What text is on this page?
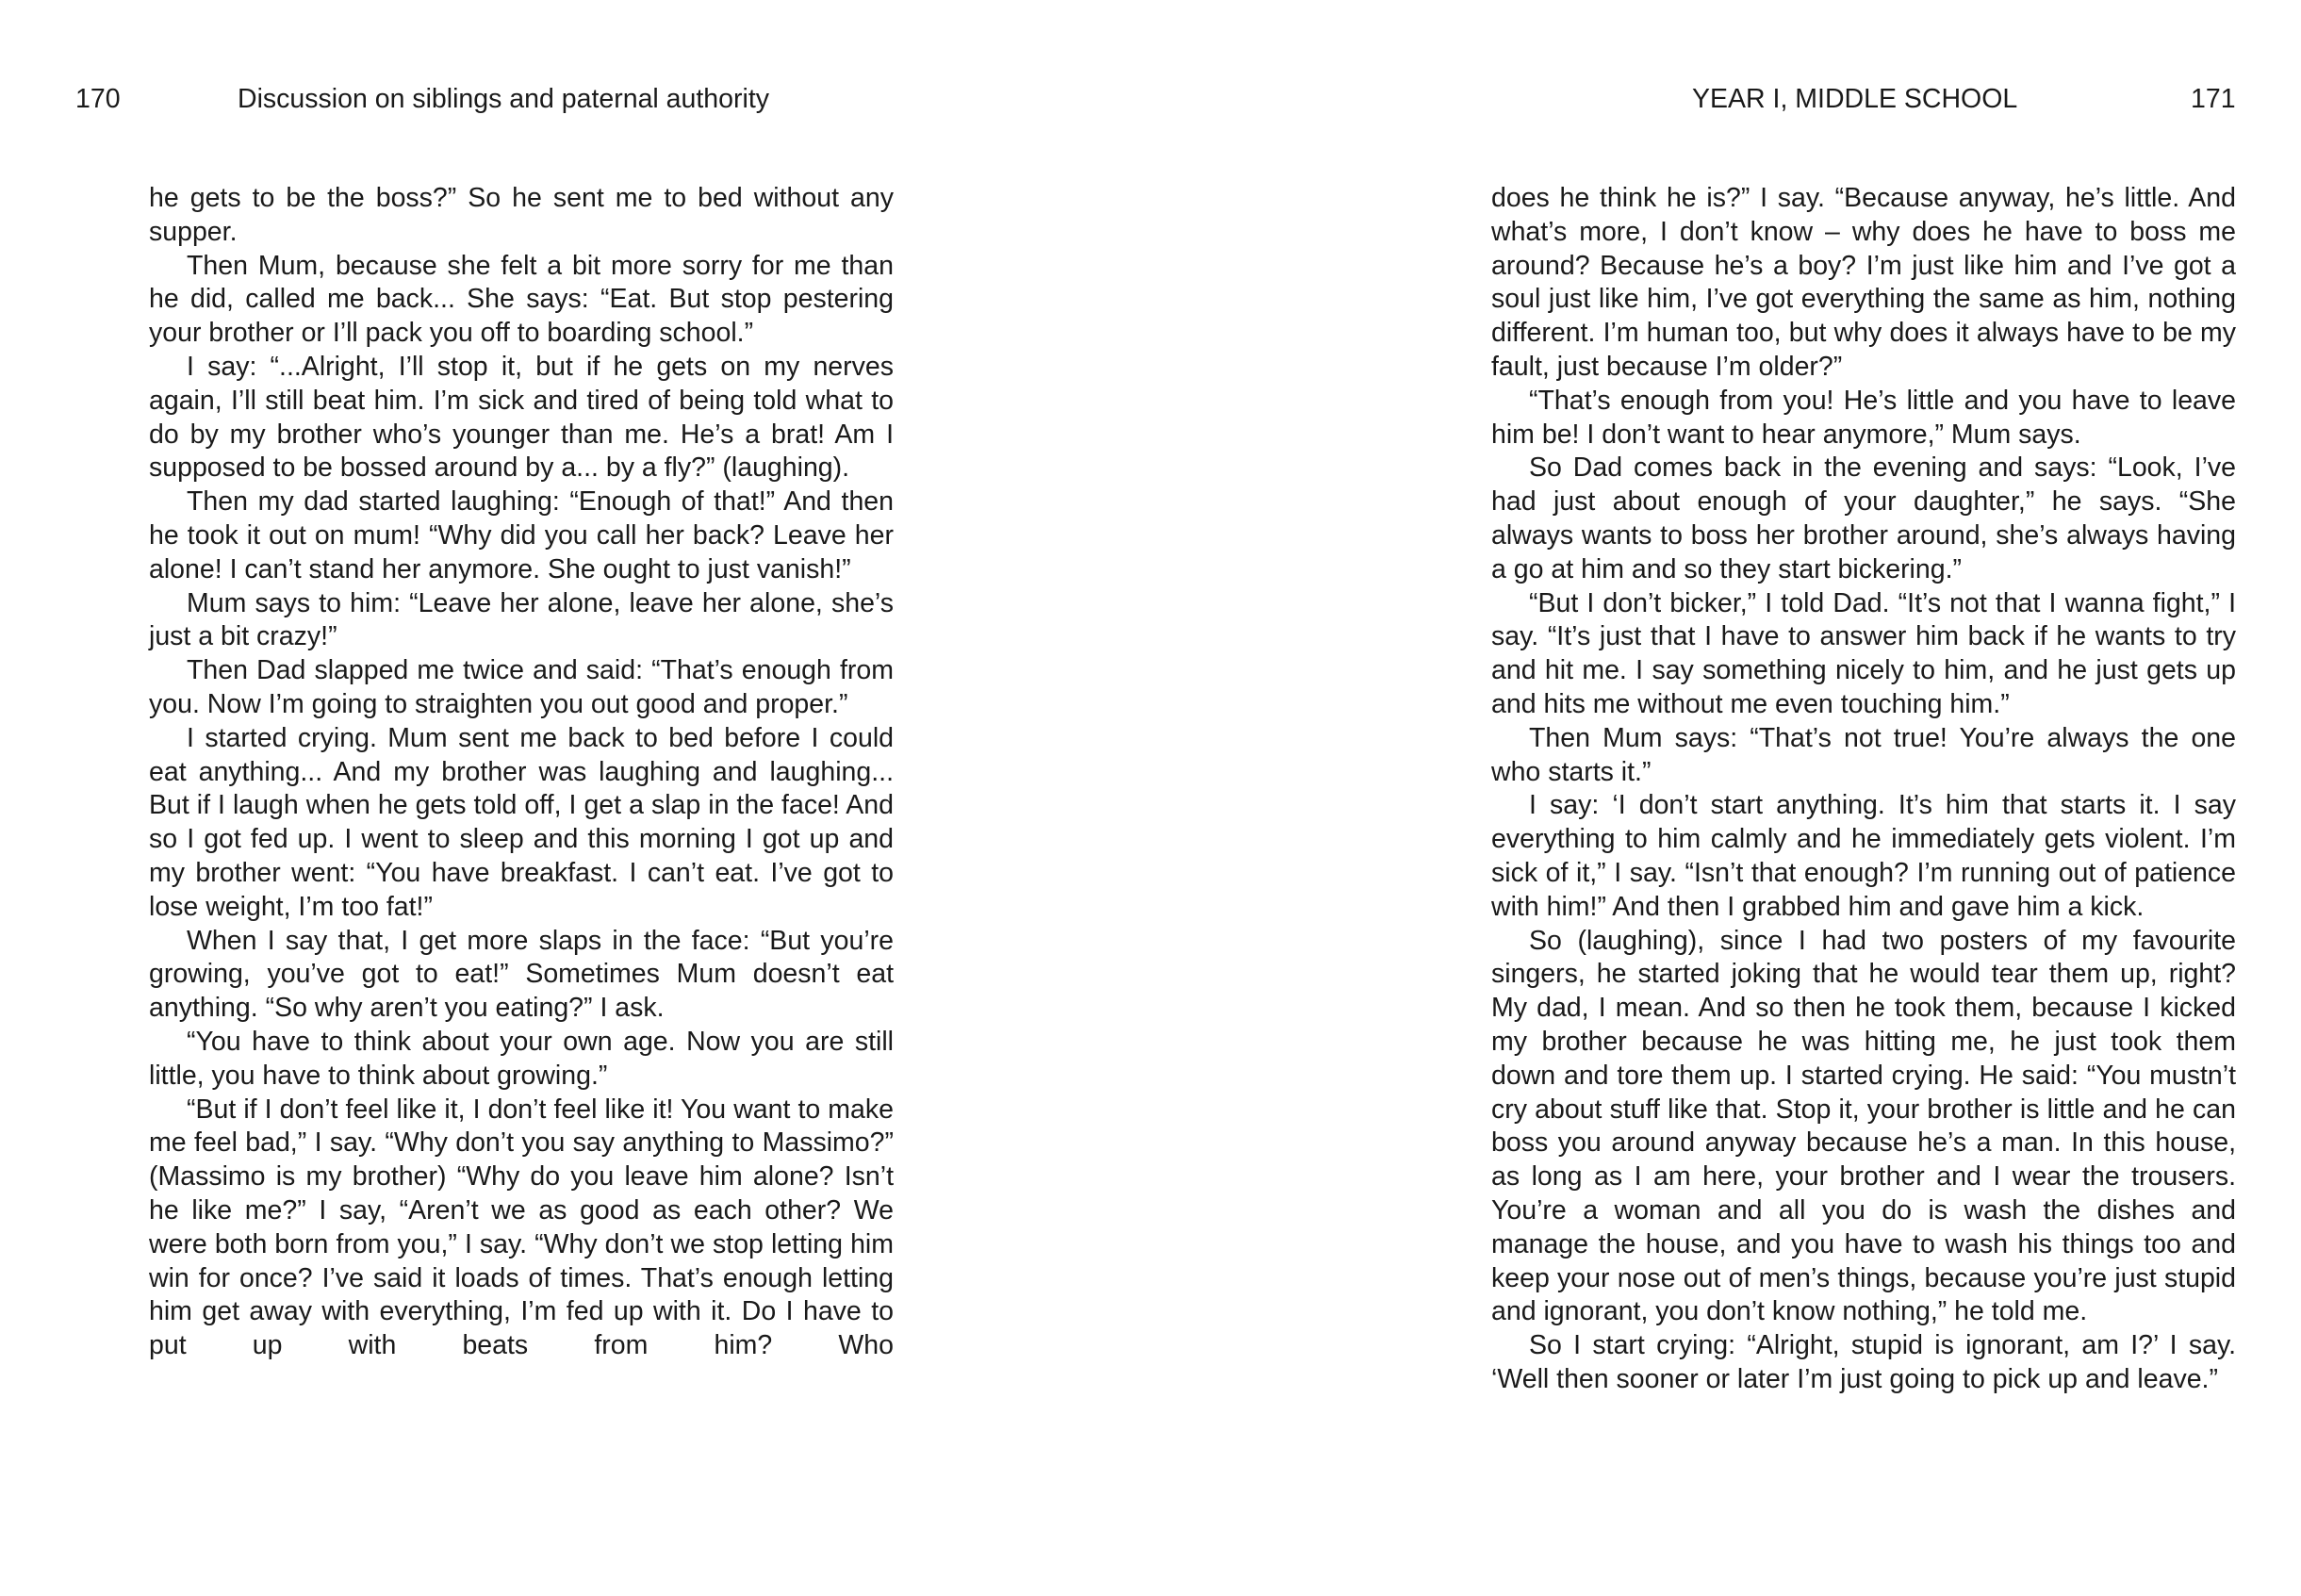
170	Discussion on siblings and paternal authority

he gets to be the boss?” So he sent me to bed without any supper.

Then Mum, because she felt a bit more sorry for me than he did, called me back... She says: “Eat. But stop pestering your brother or I’ll pack you off to boarding school.”

I say: “...Alright, I’ll stop it, but if he gets on my nerves again, I’ll still beat him. I’m sick and tired of being told what to do by my brother who’s younger than me. He’s a brat! Am I supposed to be bossed around by a... by a fly?” (laughing).

Then my dad started laughing: “Enough of that!” And then he took it out on mum! “Why did you call her back? Leave her alone! I can’t stand her anymore. She ought to just vanish!”

Mum says to him: “Leave her alone, leave her alone, she’s just a bit crazy!”

Then Dad slapped me twice and said: “That’s enough from you. Now I’m going to straighten you out good and proper.”

I started crying. Mum sent me back to bed before I could eat anything... And my brother was laughing and laughing... But if I laugh when he gets told off, I get a slap in the face! And so I got fed up. I went to sleep and this morning I got up and my brother went: “You have breakfast. I can’t eat. I’ve got to lose weight, I’m too fat!”

When I say that, I get more slaps in the face: “But you’re growing, you’ve got to eat!” Sometimes Mum doesn’t eat anything. “So why aren’t you eating?” I ask.

“You have to think about your own age. Now you are still little, you have to think about growing.”

“But if I don’t feel like it, I don’t feel like it! You want to make me feel bad,” I say. “Why don’t you say anything to Massimo?” (Massimo is my brother) “Why do you leave him alone? Isn’t he like me?” I say, “Aren’t we as good as each other? We were both born from you,” I say. “Why don’t we stop letting him win for once? I’ve said it loads of times. That’s enough letting him get away with everything, I’m fed up with it. Do I have to put up with beats from him? Who

YEAR I, MIDDLE SCHOOL	171

does he think he is?” I say. “Because anyway, he’s little. And what’s more, I don’t know – why does he have to boss me around? Because he’s a boy? I’m just like him and I’ve got a soul just like him, I’ve got everything the same as him, nothing different. I’m human too, but why does it always have to be my fault, just because I’m older?”

“That’s enough from you! He’s little and you have to leave him be! I don’t want to hear anymore,” Mum says.

So Dad comes back in the evening and says: “Look, I’ve had just about enough of your daughter,” he says. “She always wants to boss her brother around, she’s always having a go at him and so they start bickering.”

“But I don’t bicker,” I told Dad. “It’s not that I wanna fight,” I say. “It’s just that I have to answer him back if he wants to try and hit me. I say something nicely to him, and he just gets up and hits me without me even touching him.”

Then Mum says: “That’s not true! You’re always the one who starts it.”

I say: ‘I don’t start anything. It’s him that starts it. I say everything to him calmly and he immediately gets violent. I’m sick of it,” I say. “Isn’t that enough? I’m running out of patience with him!” And then I grabbed him and gave him a kick.

So (laughing), since I had two posters of my favourite singers, he started joking that he would tear them up, right? My dad, I mean. And so then he took them, because I kicked my brother because he was hitting me, he just took them down and tore them up. I started crying. He said: “You mustn’t cry about stuff like that. Stop it, your brother is little and he can boss you around anyway because he’s a man. In this house, as long as I am here, your brother and I wear the trousers. You’re a woman and all you do is wash the dishes and manage the house, and you have to wash his things too and keep your nose out of men’s things, because you’re just stupid and ignorant, you don’t know nothing,” he told me.

So I start crying: “Alright, stupid is ignorant, am I?’ I say. ‘Well then sooner or later I’m just going to pick up and leave.”
